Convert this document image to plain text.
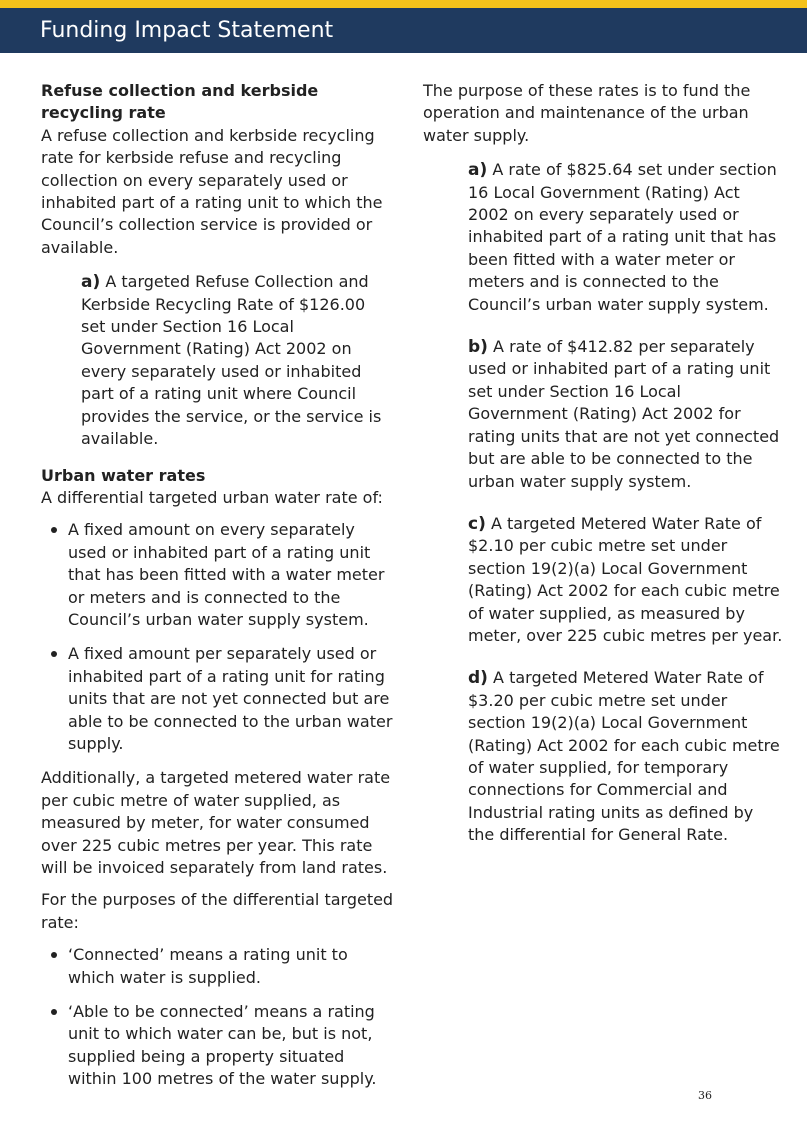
Funding Impact Statement

Refuse collection and kerbside recycling rate

A refuse collection and kerbside recycling rate for kerbside refuse and recycling collection on every separately used or inhabited part of a rating unit to which the Council’s collection service is provided or available.

a) A targeted Refuse Collection and Kerbside Recycling Rate of $126.00 set under Section 16 Local Government (Rating) Act 2002 on every separately used or inhabited part of a rating unit where Council provides the service, or the service is available.

Urban water rates

A differential targeted urban water rate of:

A fixed amount on every separately used or inhabited part of a rating unit that has been fitted with a water meter or meters and is connected to the Council’s urban water supply system.
A fixed amount per separately used or inhabited part of a rating unit for rating units that are not yet connected but are able to be connected to the urban water supply.

Additionally, a targeted metered water rate per cubic metre of water supplied, as measured by meter, for water consumed over 225 cubic metres per year. This rate will be invoiced separately from land rates.

For the purposes of the differential targeted rate:

‘Connected’ means a rating unit to which water is supplied.
‘Able to be connected’ means a rating unit to which water can be, but is not, supplied being a property situated within 100 metres of the water supply.

The purpose of these rates is to fund the operation and maintenance of the urban water supply.

a) A rate of $825.64 set under section 16 Local Government (Rating) Act 2002 on every separately used or inhabited part of a rating unit that has been fitted with a water meter or meters and is connected to the Council’s urban water supply system.

b) A rate of $412.82 per separately used or inhabited part of a rating unit set under Section 16 Local Government (Rating) Act 2002 for rating units that are not yet connected but are able to be connected to the urban water supply system.

c) A targeted Metered Water Rate of $2.10 per cubic metre set under section 19(2)(a) Local Government (Rating) Act 2002 for each cubic metre of water supplied, as measured by meter, over 225 cubic metres per year.

d) A targeted Metered Water Rate of $3.20 per cubic metre set under section 19(2)(a) Local Government (Rating) Act 2002 for each cubic metre of water supplied, for temporary connections for Commercial and Industrial rating units as defined by the differential for General Rate.

36
